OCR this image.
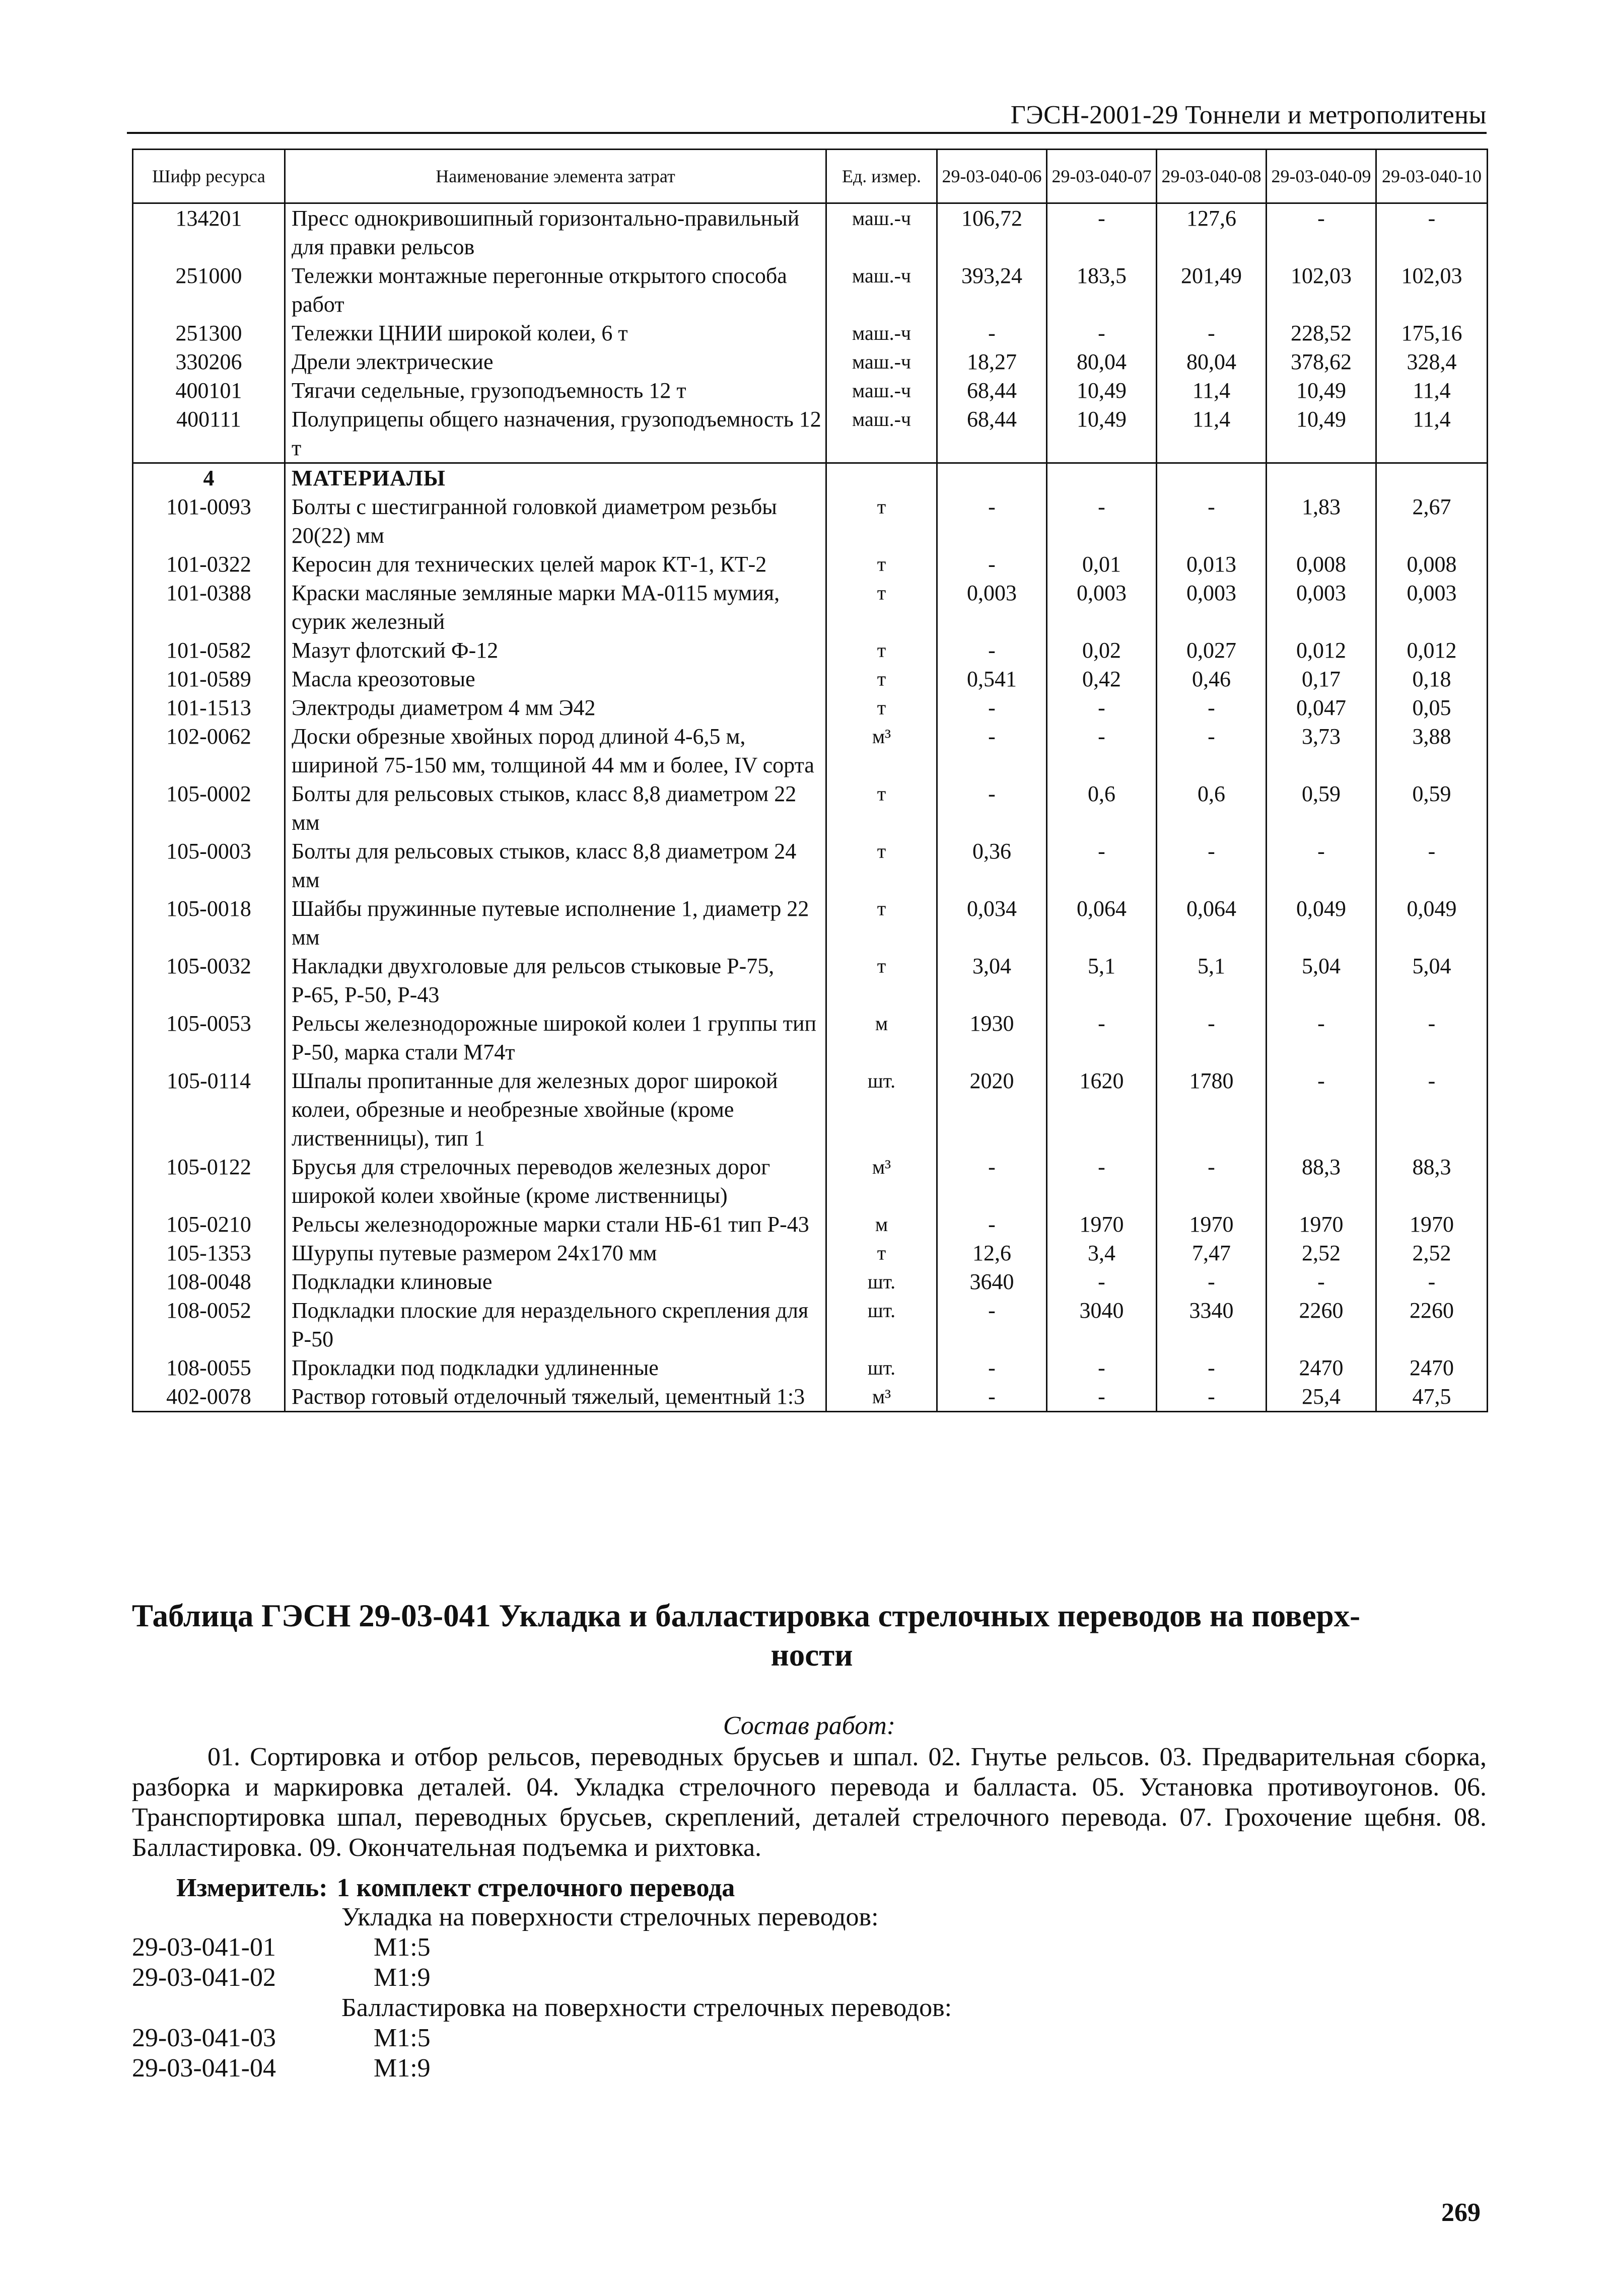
ГЭСН-2001-29 Тоннели и метрополитены
Шифр ресурса	Наименование элемента затрат	Ед. измер.	29-03-040-06	29-03-040-07	29-03-040-08	29-03-040-09	29-03-040-10
134201	Пресс однокривошипный горизонтально-правильный для правки рельсов	маш.-ч	106,72	-	127,6	-	-
251000	Тележки монтажные перегонные открытого способа работ	маш.-ч	393,24	183,5	201,49	102,03	102,03
251300	Тележки ЦНИИ широкой колеи, 6 т	маш.-ч	-	-	-	228,52	175,16
330206	Дрели электрические	маш.-ч	18,27	80,04	80,04	378,62	328,4
400101	Тягачи седельные, грузоподъемность 12 т	маш.-ч	68,44	10,49	11,4	10,49	11,4
400111	Полуприцепы общего назначения, грузоподъемность 12 т	маш.-ч	68,44	10,49	11,4	10,49	11,4
4	МАТЕРИАЛЫ						
101-0093	Болты с шестигранной головкой диаметром резьбы 20(22) мм	т	-	-	-	1,83	2,67
101-0322	Керосин для технических целей марок КТ-1, КТ-2	т	-	0,01	0,013	0,008	0,008
101-0388	Краски масляные земляные марки МА-0115 мумия, сурик железный	т	0,003	0,003	0,003	0,003	0,003
101-0582	Мазут флотский Ф-12	т	-	0,02	0,027	0,012	0,012
101-0589	Масла креозотовые	т	0,541	0,42	0,46	0,17	0,18
101-1513	Электроды диаметром 4 мм Э42	т	-	-	-	0,047	0,05
102-0062	Доски обрезные хвойных пород длиной 4-6,5 м, шириной 75-150 мм, толщиной 44 мм и более, IV сорта	м³	-	-	-	3,73	3,88
105-0002	Болты для рельсовых стыков, класс 8,8 диаметром 22 мм	т	-	0,6	0,6	0,59	0,59
105-0003	Болты для рельсовых стыков, класс 8,8 диаметром 24 мм	т	0,36	-	-	-	-
105-0018	Шайбы пружинные путевые исполнение 1, диаметр 22 мм	т	0,034	0,064	0,064	0,049	0,049
105-0032	Накладки двухголовые для рельсов стыковые Р-75, Р-65, Р-50, Р-43	т	3,04	5,1	5,1	5,04	5,04
105-0053	Рельсы железнодорожные широкой колеи 1 группы тип Р-50, марка стали М74т	м	1930	-	-	-	-
105-0114	Шпалы пропитанные для железных дорог широкой колеи, обрезные и необрезные хвойные (кроме лиственницы), тип 1	шт.	2020	1620	1780	-	-
105-0122	Брусья для стрелочных переводов железных дорог широкой колеи хвойные (кроме лиственницы)	м³	-	-	-	88,3	88,3
105-0210	Рельсы железнодорожные марки стали НБ-61 тип Р-43	м	-	1970	1970	1970	1970
105-1353	Шурупы путевые размером 24х170 мм	т	12,6	3,4	7,47	2,52	2,52
108-0048	Подкладки клиновые	шт.	3640	-	-	-	-
108-0052	Подкладки плоские для нераздельного скрепления для Р-50	шт.	-	3040	3340	2260	2260
108-0055	Прокладки под подкладки удлиненные	шт.	-	-	-	2470	2470
402-0078	Раствор готовый отделочный тяжелый, цементный 1:3	м³	-	-	-	25,4	47,5
Таблица ГЭСН 29-03-041 Укладка и балластировка стрелочных переводов на поверх-
ности
Состав работ:
01. Сортировка и отбор рельсов, переводных брусьев и шпал. 02. Гнутье рельсов. 03. Предварительная сборка, разборка и маркировка деталей. 04. Укладка стрелочного перевода и балласта. 05. Установка противоугонов. 06. Транспортировка шпал, переводных брусьев, скреплений, деталей стрелочного перевода. 07. Грохочение щебня. 08. Балластировка. 09. Окончательная подъемка и рихтовка.
Измеритель: 1 комплект стрелочного перевода
Укладка на поверхности стрелочных переводов:
29-03-041-01	М1:5
29-03-041-02	М1:9
Балластировка на поверхности стрелочных переводов:
29-03-041-03	М1:5
29-03-041-04	М1:9
269
